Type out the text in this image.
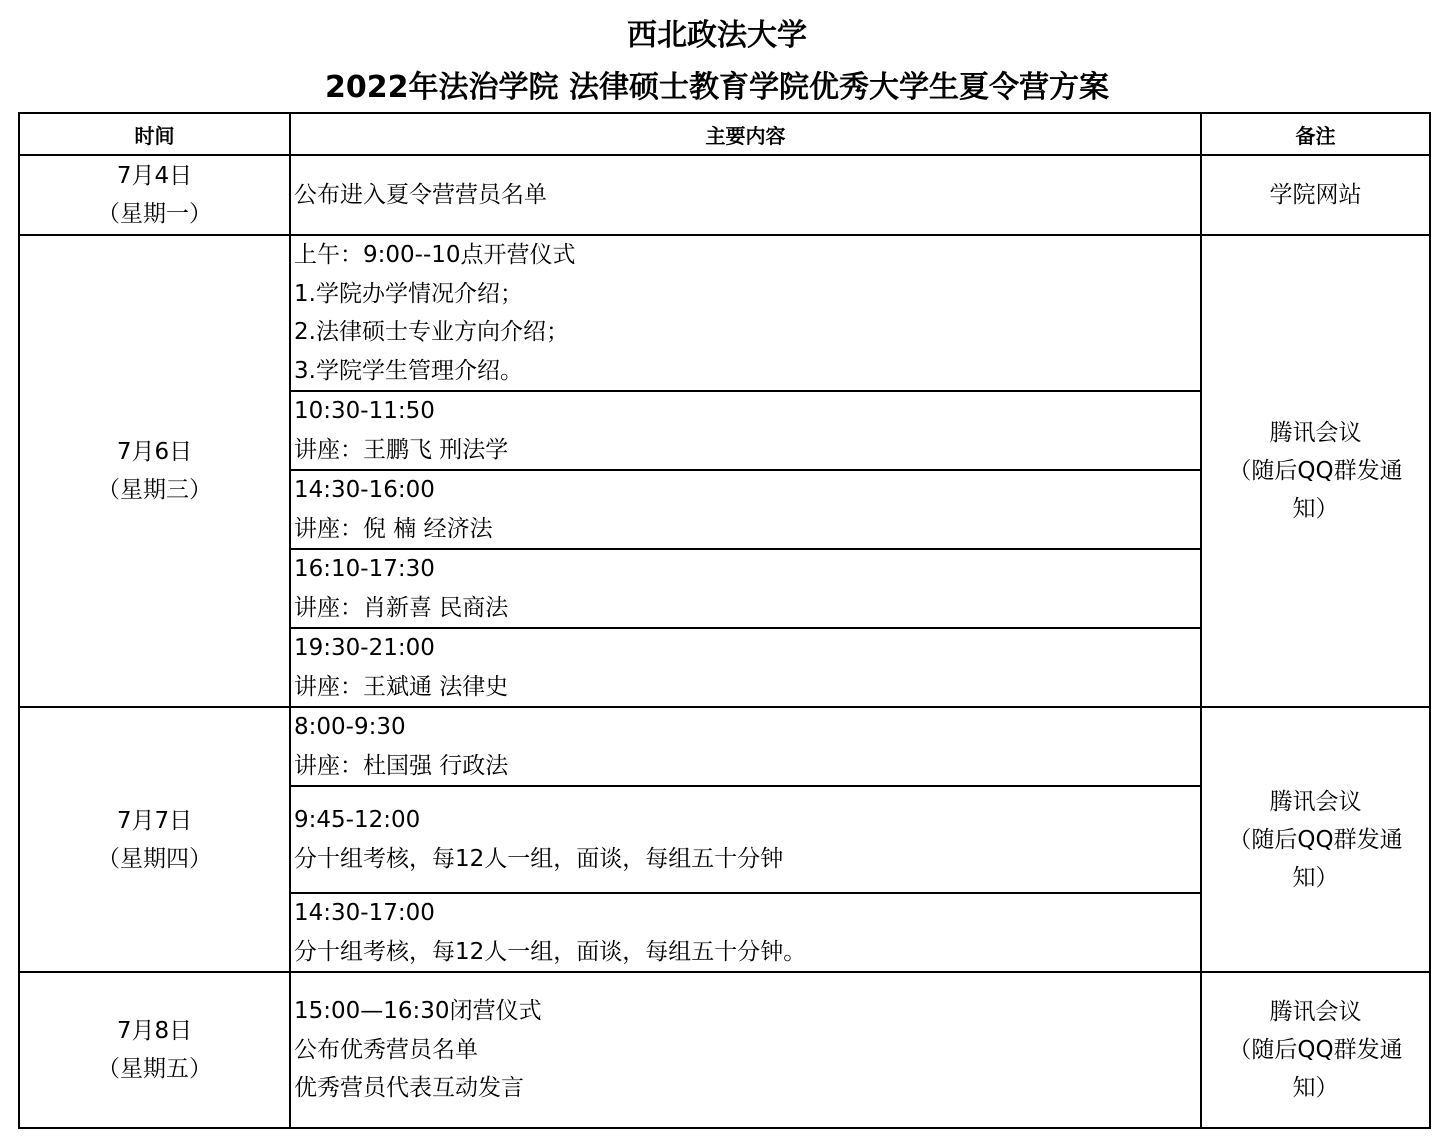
西北政法大学
2022年法治学院 法律硕士教育学院优秀大学生夏令营方案
时间	主要内容	备注

7月4日
（星期一）	公布进入夏令营营员名单	学院网站

7月6日
（星期三）	上午：9:00--10点开营仪式
1.学院办学情况介绍；
2.法律硕士专业方向介绍；
3.学院学生管理介绍。	腾讯会议
（随后QQ群发通
知）

	10:30-11:50
讲座：王鹏飞 刑法学	

	14:30-16:00
讲座：倪 楠 经济法	

	16:10-17:30
讲座：肖新喜 民商法	

	19:30-21:00
讲座：王斌通 法律史	

7月7日
（星期四）	8:00-9:30
讲座：杜国强 行政法	腾讯会议
（随后QQ群发通
知）

	9:45-12:00
分十组考核，每12人一组，面谈，每组五十分钟	

	14:30-17:00
分十组考核，每12人一组，面谈，每组五十分钟。	

7月8日
（星期五）	15:00—16:30闭营仪式
公布优秀营员名单
优秀营员代表互动发言	腾讯会议
（随后QQ群发通
知）
